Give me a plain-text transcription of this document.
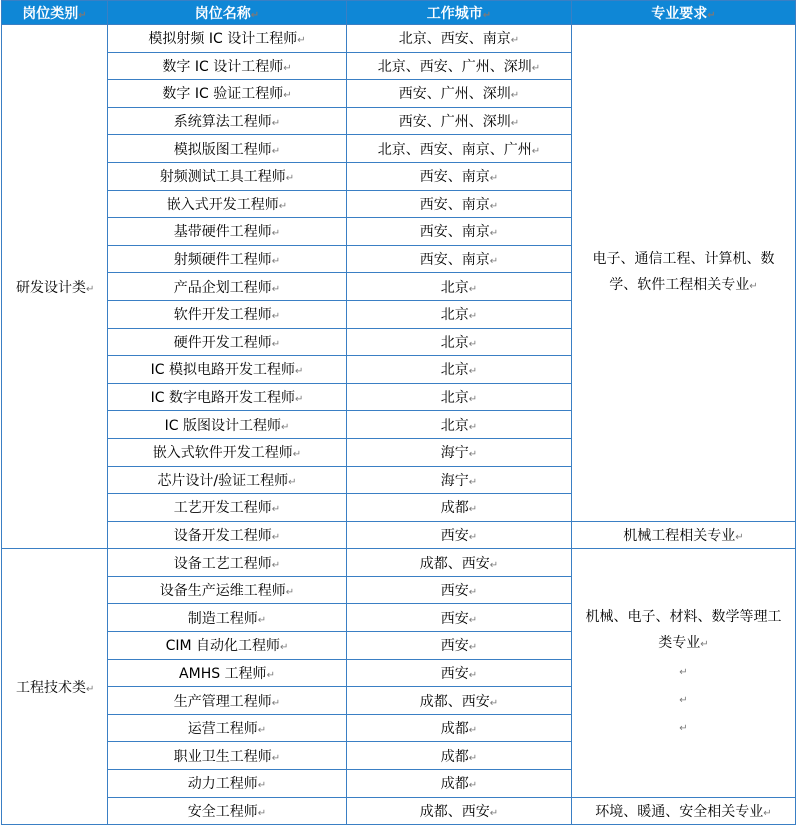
岗位类别↵	岗位名称↵	工作城市↵	专业要求↵
研发设计类↵	模拟射频 IC 设计工程师↵	北京、西安、南京↵	电子、通信工程、计算机、数学、软件工程相关专业↵
	数字 IC 设计工程师↵	北京、西安、广州、深圳↵	
	数字 IC 验证工程师↵	西安、广州、深圳↵	
	系统算法工程师↵	西安、广州、深圳↵	
	模拟版图工程师↵	北京、西安、南京、广州↵	
	射频测试工具工程师↵	西安、南京↵	
	嵌入式开发工程师↵	西安、南京↵	
	基带硬件工程师↵	西安、南京↵	
	射频硬件工程师↵	西安、南京↵	
	产品企划工程师↵	北京↵	
	软件开发工程师↵	北京↵	
	硬件开发工程师↵	北京↵	
	IC 模拟电路开发工程师↵	北京↵	
	IC 数字电路开发工程师↵	北京↵	
	IC 版图设计工程师↵	北京↵	
	嵌入式软件开发工程师↵	海宁↵	
	芯片设计/验证工程师↵	海宁↵	
	工艺开发工程师↵	成都↵	
	设备开发工程师↵	西安↵	机械工程相关专业↵
工程技术类↵	设备工艺工程师↵	成都、西安↵	机械、电子、材料、数学等理工类专业↵
↵
↵
↵
	设备生产运维工程师↵	西安↵	
	制造工程师↵	西安↵	
	CIM 自动化工程师↵	西安↵	
	AMHS 工程师↵	西安↵	
	生产管理工程师↵	成都、西安↵	
	运营工程师↵	成都↵	
	职业卫生工程师↵	成都↵	
	动力工程师↵	成都↵	
	安全工程师↵	成都、西安↵	环境、暖通、安全相关专业↵
